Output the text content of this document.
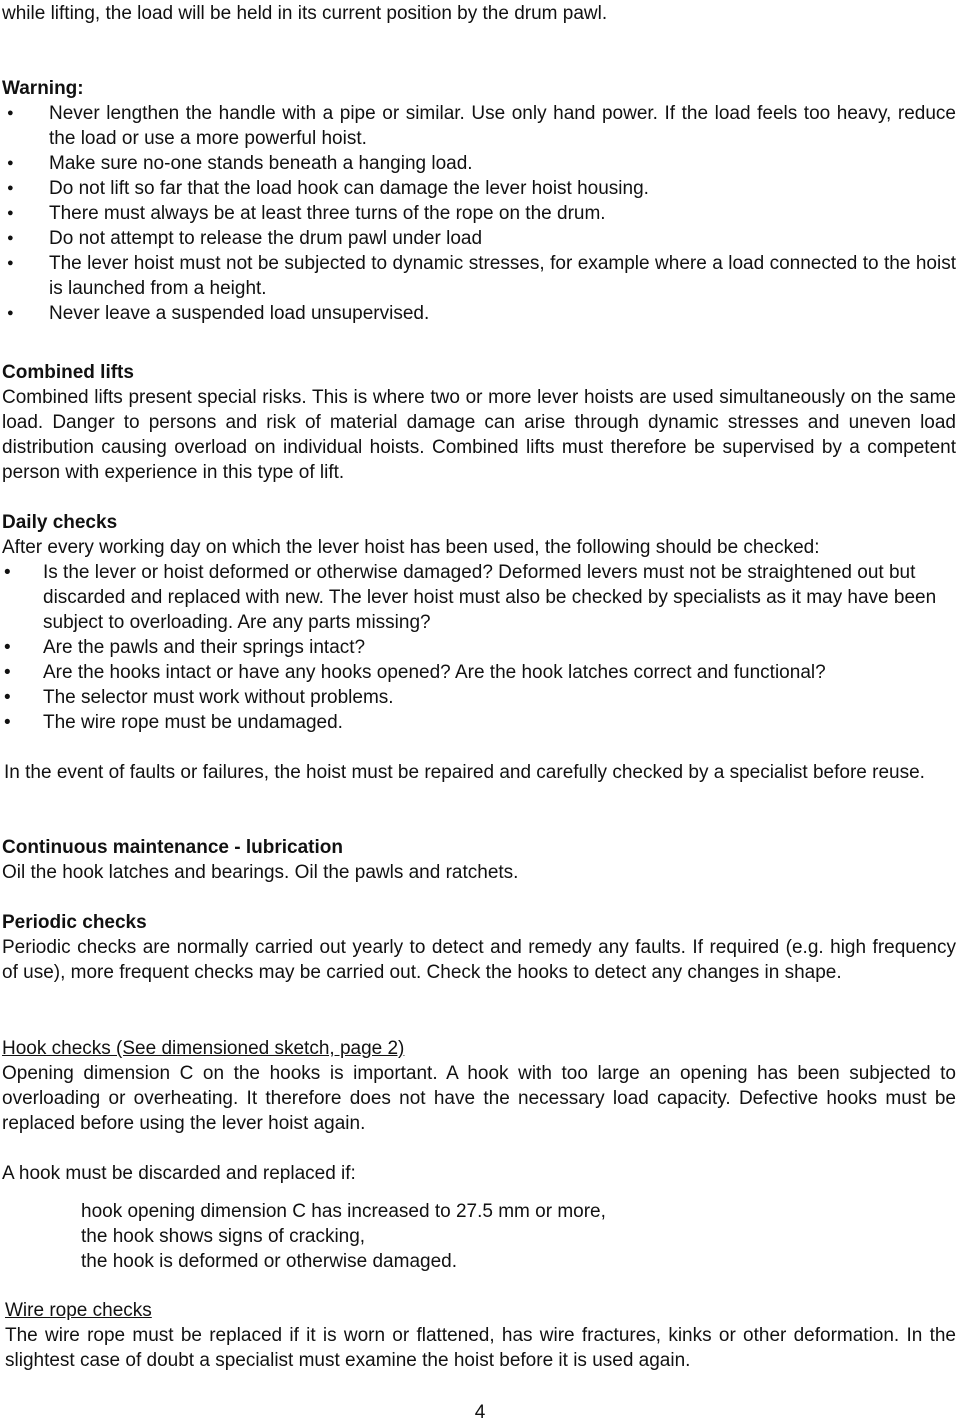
while lifting, the load will be held in its current position by the drum pawl.

Warning:

● Never lengthen the handle with a pipe or similar. Use only hand power. If the load feels too heavy, reduce the load or use a more powerful hoist.
● Make sure no-one stands beneath a hanging load.
● Do not lift so far that the load hook can damage the lever hoist housing.
● There must always be at least three turns of the rope on the drum.
● Do not attempt to release the drum pawl under load
● The lever hoist must not be subjected to dynamic stresses, for example where a load connected to the hoist is launched from a height.
● Never leave a suspended load unsupervised.

Combined lifts

Combined lifts present special risks. This is where two or more lever hoists are used simultaneously on the same load. Danger to persons and risk of material damage can arise through dynamic stresses and uneven load distribution causing overload on individual hoists. Combined lifts must therefore be supervised by a competent person with experience in this type of lift.

Daily checks

After every working day on which the lever hoist has been used, the following should be checked:

• Is the lever or hoist deformed or otherwise damaged? Deformed levers must not be straightened out but discarded and replaced with new. The lever hoist must also be checked by specialists as it may have been subject to overloading. Are any parts missing?
• Are the pawls and their springs intact?
• Are the hooks intact or have any hooks opened? Are the hook latches correct and functional?
• The selector must work without problems.
• The wire rope must be undamaged.

In the event of faults or failures, the hoist must be repaired and carefully checked by a specialist before reuse.

Continuous maintenance - lubrication

Oil the hook latches and bearings. Oil the pawls and ratchets.

Periodic checks

Periodic checks are normally carried out yearly to detect and remedy any faults. If required (e.g. high frequency of use), more frequent checks may be carried out. Check the hooks to detect any changes in shape.

Hook checks (See dimensioned sketch, page 2)

Opening dimension C on the hooks is important. A hook with too large an opening has been subjected to overloading or overheating. It therefore does not have the necessary load capacity. Defective hooks must be replaced before using the lever hoist again.

A hook must be discarded and replaced if:

hook opening dimension C has increased to 27.5 mm or more,
the hook shows signs of cracking,
the hook is deformed or otherwise damaged.

Wire rope checks

The wire rope must be replaced if it is worn or flattened, has wire fractures, kinks or other deformation. In the slightest case of doubt a specialist must examine the hoist before it is used again.

4
